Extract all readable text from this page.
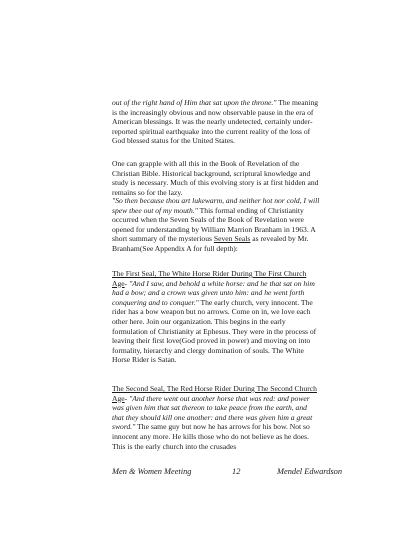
out of the right hand of Him that sat upon the throne." The meaning is the increasingly obvious and now observable pause in the era of American blessings. It was the nearly undetected, certainly under-reported spiritual earthquake into the current reality of the loss of God blessed status for the United States.

One can grapple with all this in the Book of Revelation of the Christian Bible. Historical background, scriptural knowledge and study is necessary. Much of this evolving story is at first hidden and remains so for the lazy.

"So then because thou art lukewarm, and neither hot nor cold, I will spew thee out of my mouth." This formal ending of Christianity occurred when the Seven Seals of the Book of Revelation were opened for understanding by William Marrion Branham in 1963. A short summary of the mysterious Seven Seals as revealed by Mr. Branham(See Appendix A for full depth):

The First Seal, The White Horse Rider During The First Church Age- "And I saw, and behold a white horse: and he that sat on him had a bow; and a crown was given unto him: and he went forth conquering and to conquer." The early church, very innocent. The rider has a bow weapon but no arrows. Come on in, we love each other here. Join our organization. This begins in the early formulation of Christianity at Ephesus. They were in the process of leaving their first love(God proved in power) and moving on into formality, hierarchy and clergy domination of souls. The White Horse Rider is Satan.

The Second Seal, The Red Horse Rider During The Second Church Age- "And there went out another horse that was red: and power was given him that sat thereon to take peace from the earth, and that they should kill one another: and there was given him a great sword." The same guy but now he has arrows for his bow. Not so innocent any more. He kills those who do not believe as he does. This is the early church into the crusades

Men & Women Meeting	12	Mendel Edwardson
